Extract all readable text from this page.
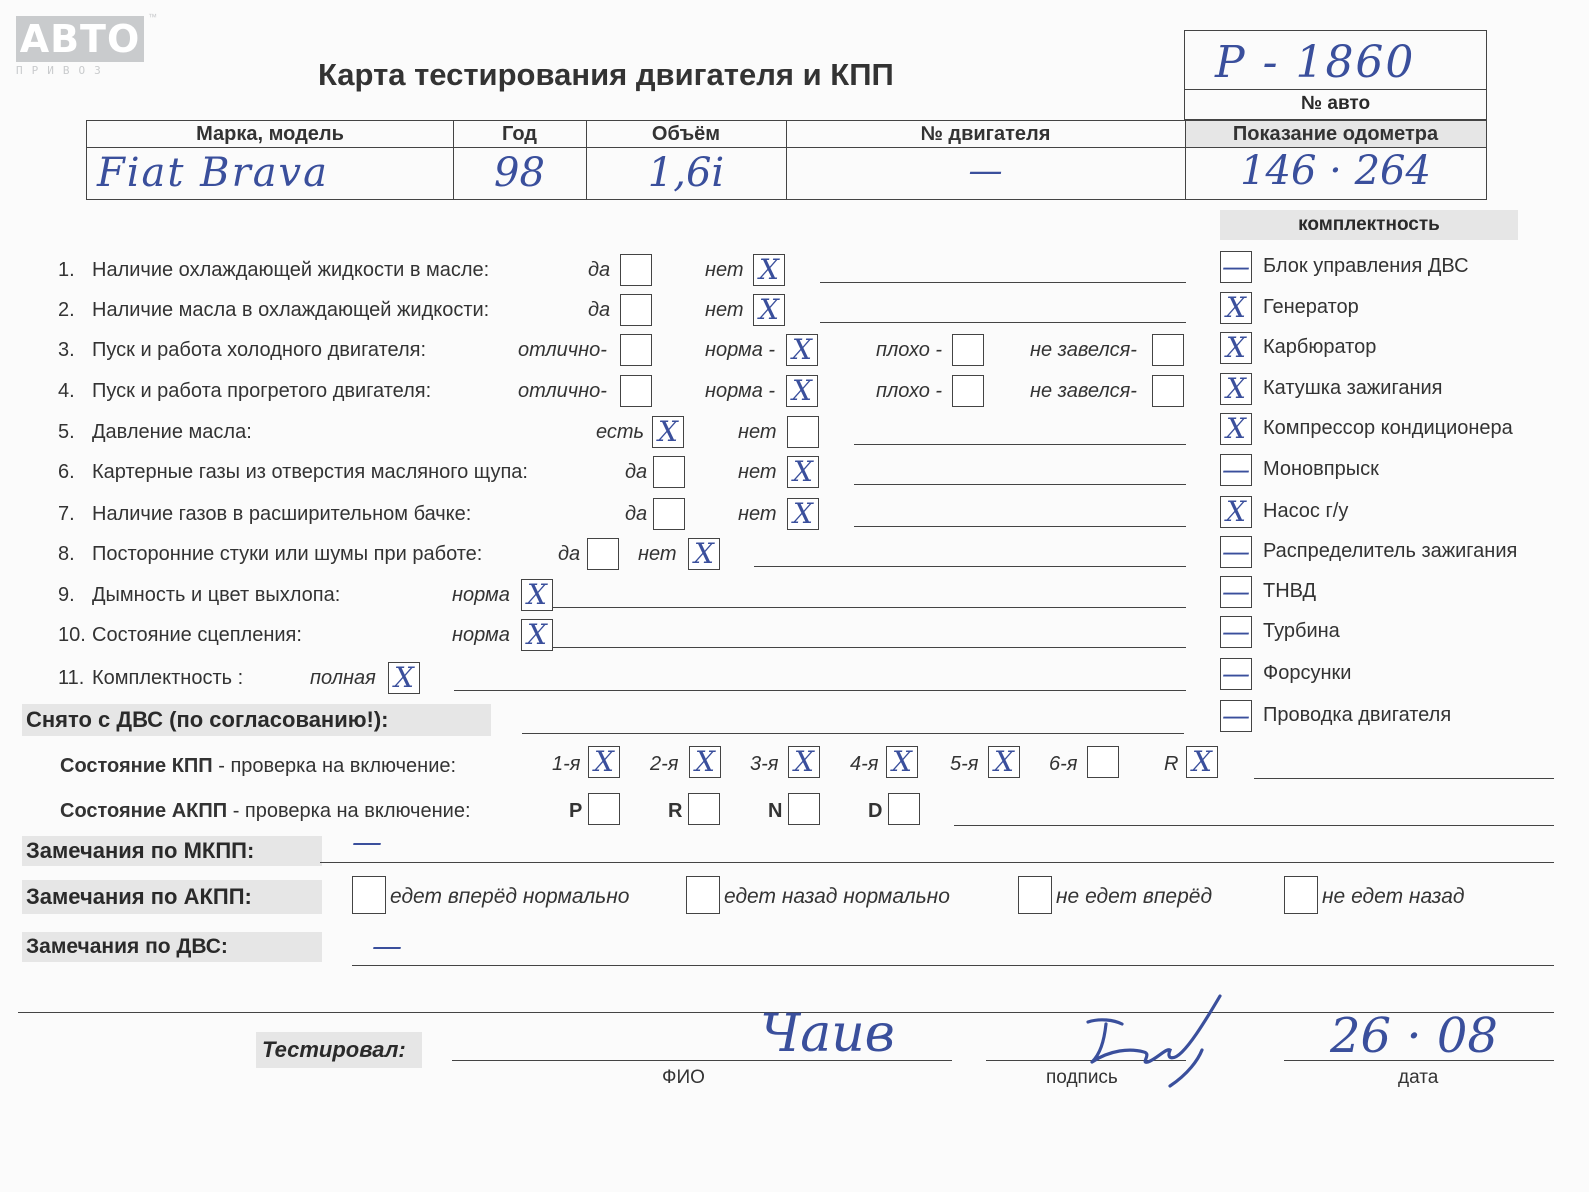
АВТО
ПРИВОЗ
™
Карта тестирования двигателя и КПП	Р - 1860
№ авто
Марка, модель	Год	Объём	№ двигателя	Показание одометра
Fiat Brava	98	1,6i	—	146 · 264
комплектность
— Блок управления ДВС
X Генератор
X Карбюратор
X Катушка зажигания
X Компрессор кондиционера
— Моновпрыск
X Насос г/у
— Распределитель зажигания
— ТНВД
— Турбина
— Форсунки
— Проводка двигателя
1. Наличие охлаждающей жидкости в масле:	да	нет X
2. Наличие масла в охлаждающей жидкости:	да	нет X
3. Пуск и работа холодного двигателя:	отлично-	норма - X	плохо -	не завелся-
4. Пуск и работа прогретого двигателя:	отлично-	норма - X	плохо -	не завелся-
5. Давление масла:	есть X	нет
6. Картерные газы из отверстия масляного щупа:	да	нет X
7. Наличие газов в расширительном бачке:	да	нет X
8. Посторонние стуки или шумы при работе:	да	нет X
9. Дымность и цвет выхлопа:	норма X
10. Состояние сцепления:	норма X
11. Комплектность :	полная X
Снято с ДВС (по согласованию!):
Состояние КПП - проверка на включение:	1-я X 2-я X 3-я X 4-я X 5-я X 6-я	R X
Состояние АКПП - проверка на включение:	P	R	N	D
Замечания по МКПП:	—
Замечания по АКПП:	едет вперёд нормально	едет назад нормально	не едет вперёд	не едет назад
Замечания по ДВС:	—
Тестировал:	Чаив
ФИО	подпись
26 · 08
дата
